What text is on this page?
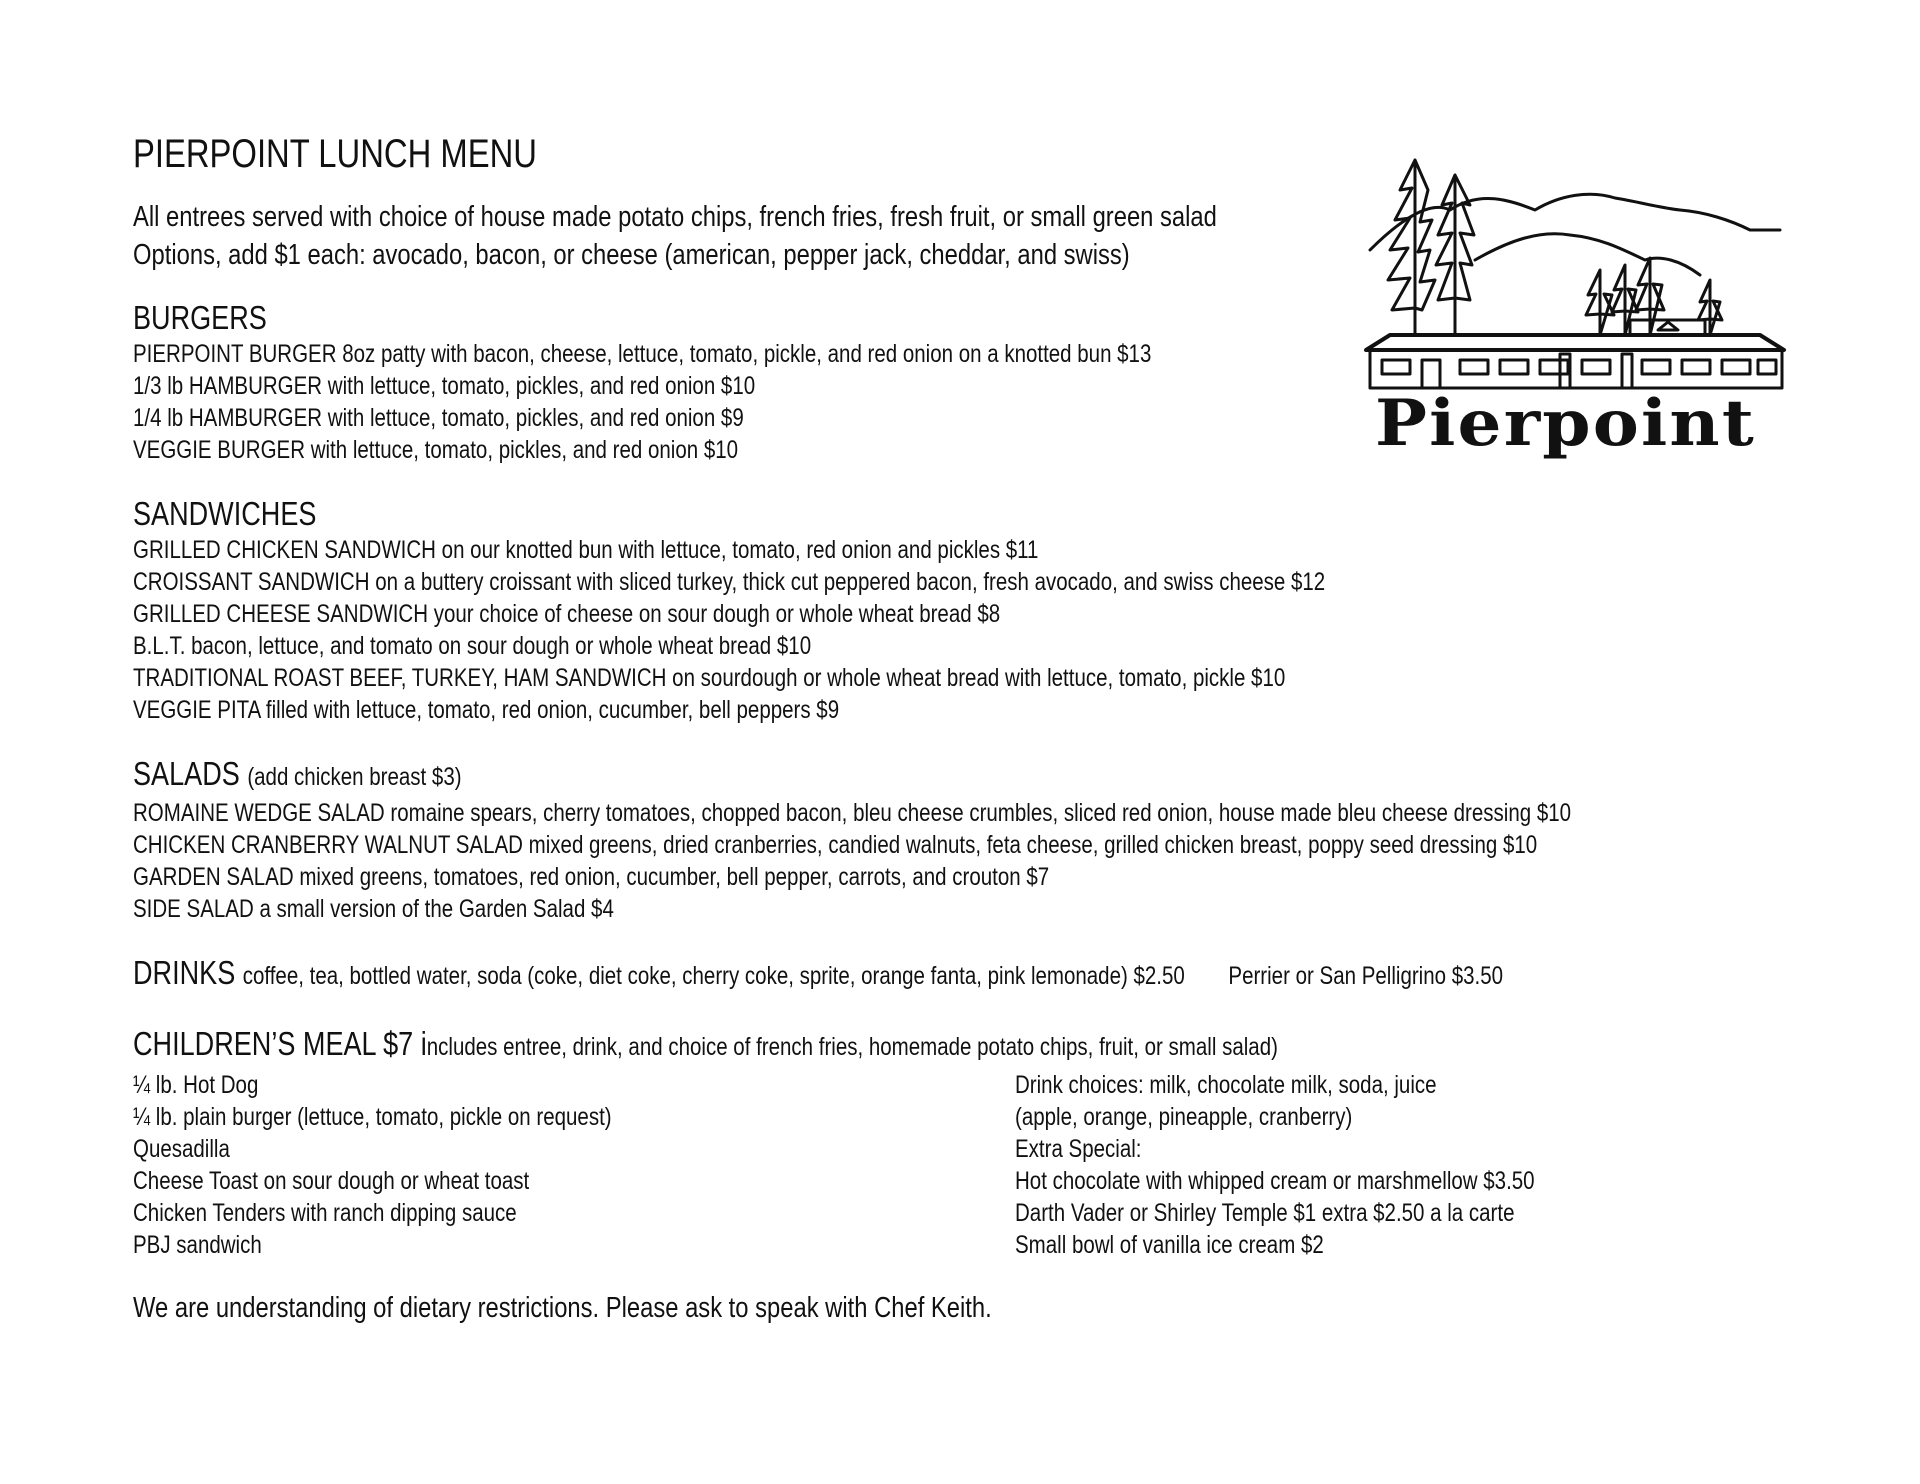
PIERPOINT LUNCH MENU
All entrees served with choice of house made potato chips, french fries, fresh fruit, or small green salad
Options, add $1 each: avocado, bacon, or cheese (american, pepper jack, cheddar, and swiss)
BURGERS
PIERPOINT BURGER 8oz patty with bacon, cheese, lettuce, tomato, pickle, and red onion on a knotted bun $13
1/3 lb HAMBURGER with lettuce, tomato, pickles, and red onion $10
1/4 lb HAMBURGER with lettuce, tomato, pickles, and red onion $9
VEGGIE BURGER with lettuce, tomato, pickles, and red onion $10
SANDWICHES
GRILLED CHICKEN SANDWICH on our knotted bun with lettuce, tomato, red onion and pickles $11
CROISSANT SANDWICH on a buttery croissant with sliced turkey, thick cut peppered bacon, fresh avocado, and swiss cheese $12
GRILLED CHEESE SANDWICH your choice of cheese on sour dough or whole wheat bread $8
B.L.T. bacon, lettuce, and tomato on sour dough or whole wheat bread $10
TRADITIONAL ROAST BEEF, TURKEY, HAM SANDWICH on sourdough or whole wheat bread with lettuce, tomato, pickle $10
VEGGIE PITA filled with lettuce, tomato, red onion, cucumber, bell peppers $9
SALADS (add chicken breast $3)
ROMAINE WEDGE SALAD romaine spears, cherry tomatoes, chopped bacon, bleu cheese crumbles, sliced red onion, house made bleu cheese dressing $10
CHICKEN CRANBERRY WALNUT SALAD mixed greens, dried cranberries, candied walnuts, feta cheese, grilled chicken breast, poppy seed dressing $10
GARDEN SALAD mixed greens, tomatoes, red onion, cucumber, bell pepper, carrots, and crouton $7
SIDE SALAD a small version of the Garden Salad $4
DRINKS coffee, tea, bottled water, soda (coke, diet coke, cherry coke, sprite, orange fanta, pink lemonade) $2.50 Perrier or San Pelligrino $3.50
CHILDREN’S MEAL $7 includes entree, drink, and choice of french fries, homemade potato chips, fruit, or small salad)
¼ lb. Hot Dog
¼ lb. plain burger (lettuce, tomato, pickle on request)
Quesadilla
Cheese Toast on sour dough or wheat toast
Chicken Tenders with ranch dipping sauce
PBJ sandwich
Drink choices: milk, chocolate milk, soda, juice
(apple, orange, pineapple, cranberry)
Extra Special:
Hot chocolate with whipped cream or marshmellow $3.50
Darth Vader or Shirley Temple $1 extra $2.50 a la carte
Small bowl of vanilla ice cream $2
We are understanding of dietary restrictions. Please ask to speak with Chef Keith.
Pierpoint
